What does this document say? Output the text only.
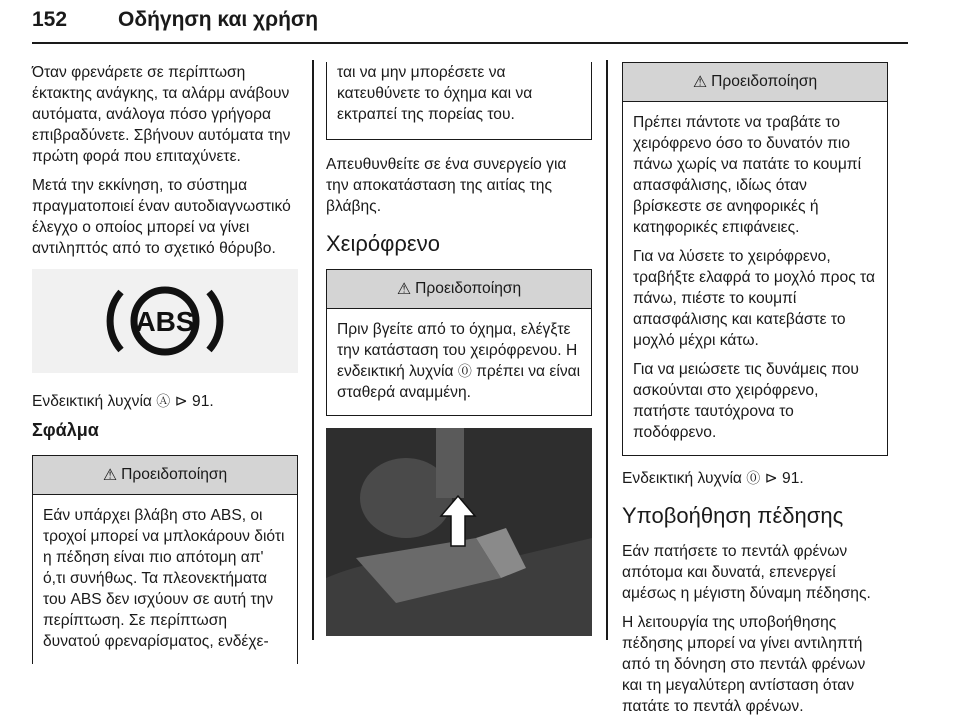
152 Οδήγηση και χρήση

Όταν φρενάρετε σε περίπτωση έκτακτης ανάγκης, τα αλάρμ ανάβουν αυτόματα, ανάλογα πόσο γρήγορα επιβραδύνετε. Σβήνουν αυτόματα την πρώτη φορά που επιταχύνετε.

Μετά την εκκίνηση, το σύστημα πραγματοποιεί έναν αυτοδιαγνωστικό έλεγχο ο οποίος μπορεί να γίνει αντιληπτός από το σχετικό θόρυβο.

ABS

Ενδεικτική λυχνία Ⓐ ⊳ 91.

Σφάλμα
⚠ Προειδοποίηση

Εάν υπάρχει βλάβη στο ABS, οι τροχοί μπορεί να μπλοκάρουν διότι η πέδηση είναι πιο απότομη απ' ό,τι συνήθως. Τα πλεονεκτήματα του ABS δεν ισχύουν σε αυτή την περίπτωση. Σε περίπτωση δυνατού φρεναρίσματος, ενδέχε-

ται να μην μπορέσετε να κατευθύνετε το όχημα και να εκτραπεί της πορείας του.

Απευθυνθείτε σε ένα συνεργείο για την αποκατάσταση της αιτίας της βλάβης.

Χειρόφρενο
⚠ Προειδοποίηση

Πριν βγείτε από το όχημα, ελέγξτε την κατάσταση του χειρόφρενου. Η ενδεικτική λυχνία ⓪ πρέπει να είναι σταθερά αναμμένη.

⚠ Προειδοποίηση

Πρέπει πάντοτε να τραβάτε το χειρόφρενο όσο το δυνατόν πιο πάνω χωρίς να πατάτε το κουμπί απασφάλισης, ιδίως όταν βρίσκεστε σε ανηφορικές ή κατηφορικές επιφάνειες.

Για να λύσετε το χειρόφρενο, τραβήξτε ελαφρά το μοχλό προς τα πάνω, πιέστε το κουμπί απασφάλισης και κατεβάστε το μοχλό μέχρι κάτω.

Για να μειώσετε τις δυνάμεις που ασκούνται στο χειρόφρενο, πατήστε ταυτόχρονα το ποδόφρενο.

Ενδεικτική λυχνία ⓪ ⊳ 91.

Υποβοήθηση πέδησης

Εάν πατήσετε το πεντάλ φρένων απότομα και δυνατά, επενεργεί αμέσως η μέγιστη δύναμη πέδησης.

Η λειτουργία της υποβοήθησης πέδησης μπορεί να γίνει αντιληπτή από τη δόνηση στο πεντάλ φρένων και τη μεγαλύτερη αντίσταση όταν πατάτε το πεντάλ φρένων.
